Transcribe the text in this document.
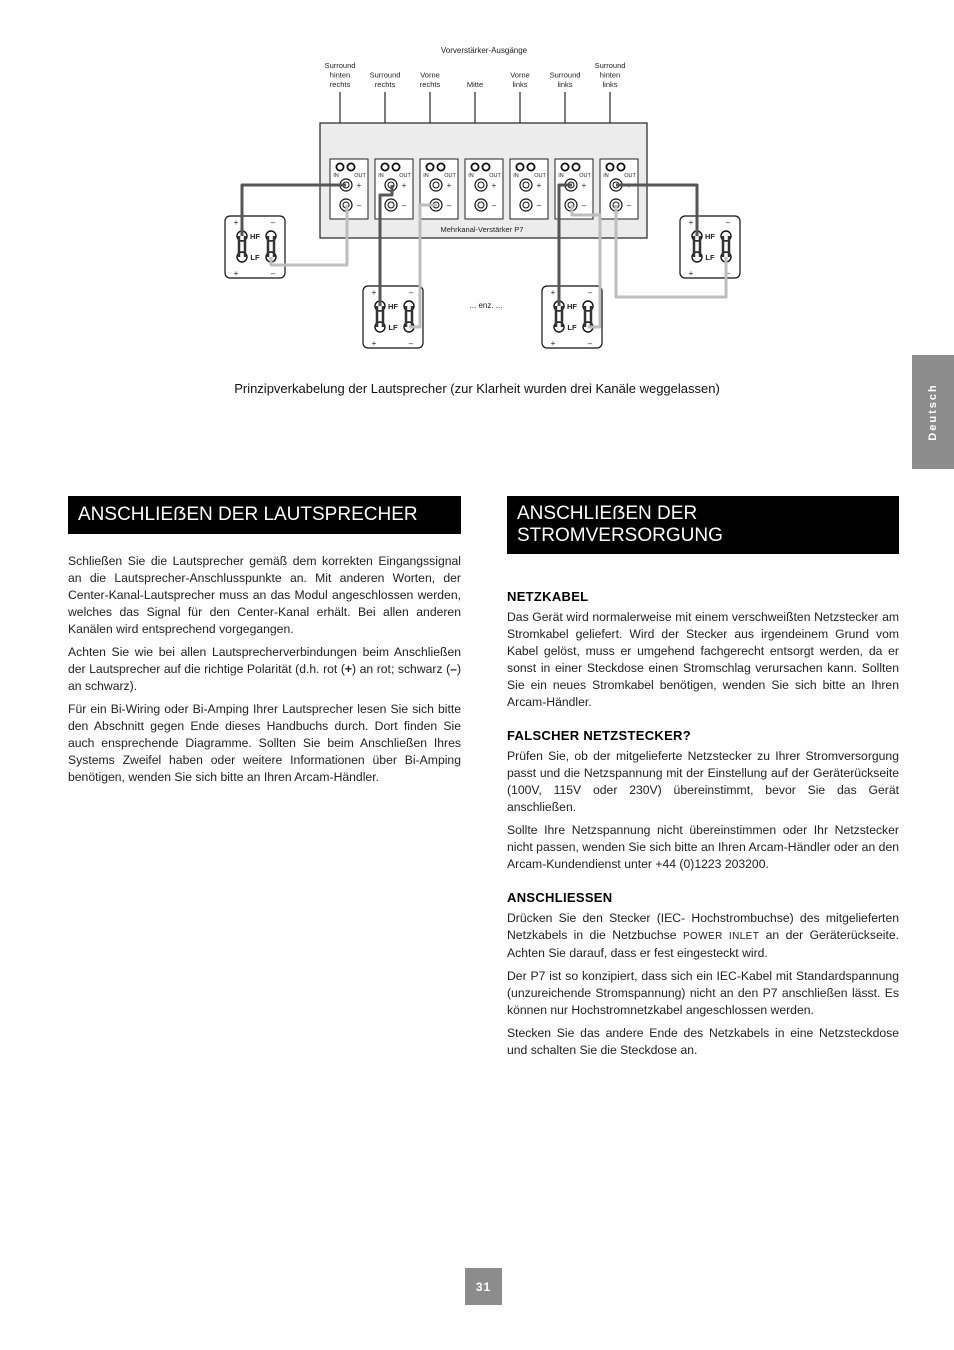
Vorverstärker-Ausgänge
Surround
hinten
rechts
Surround
rechts
Vorne
rechts	Mitte
Vorne
links
Surround
links
Surround
hinten
links
IN	OUT
+
–
IN	OUT
+
–
IN	OUT
+
–
IN	OUT
+
–
IN	OUT
+
–
IN	OUT
+
–
IN	OUT
+
–
Mehrkanal-Verstärker P7
+	–
+	–
HF
LF
+	–
+	–
HF
LF
+	–
+	–
HF
LF
+	–
+	–
HF
LF
... enz. ...
Prinzipverkabelung der Lautsprecher (zur Klarheit wurden drei Kanäle weggelassen)	Deutsch
ANSCHLIEẞEN DER LAUTSPRECHER

Schließen Sie die Lautsprecher gemäß dem korrekten Eingangssignal an die Lautsprecher-Anschlusspunkte an. Mit anderen Worten, der Center-Kanal-Lautsprecher muss an das Modul angeschlossen werden, welches das Signal für den Center-Kanal erhält. Bei allen anderen Kanälen wird entsprechend vorgegangen.

Achten Sie wie bei allen Lautsprecherverbindungen beim Anschließen der Lautsprecher auf die richtige Polarität (d.h. rot (+) an rot; schwarz (–) an schwarz).

Für ein Bi-Wiring oder Bi-Amping Ihrer Lautsprecher lesen Sie sich bitte den Abschnitt gegen Ende dieses Handbuchs durch. Dort finden Sie auch ensprechende Diagramme. Sollten Sie beim Anschließen Ihres Systems Zweifel haben oder weitere Informationen über Bi-Amping benötigen, wenden Sie sich bitte an Ihren Arcam-Händler.

ANSCHLIEẞEN DER STROMVERSORGUNG
NETZKABEL

Das Gerät wird normalerweise mit einem verschweißten Netzstecker am Stromkabel geliefert. Wird der Stecker aus irgendeinem Grund vom Kabel gelöst, muss er umgehend fachgerecht entsorgt werden, da er sonst in einer Steckdose einen Stromschlag verursachen kann. Sollten Sie ein neues Stromkabel benötigen, wenden Sie sich bitte an Ihren Arcam-Händler.

FALSCHER NETZSTECKER?

Prüfen Sie, ob der mitgelieferte Netzstecker zu Ihrer Stromversorgung passt und die Netzspannung mit der Einstellung auf der Geräterückseite (100V, 115V oder 230V) übereinstimmt, bevor Sie das Gerät anschließen.

Sollte Ihre Netzspannung nicht übereinstimmen oder Ihr Netzstecker nicht passen, wenden Sie sich bitte an Ihren Arcam-Händler oder an den Arcam-Kundendienst unter +44 (0)1223 203200.

ANSCHLIESSEN

Drücken Sie den Stecker (IEC- Hochstrombuchse) des mitgelieferten Netzkabels in die Netzbuchse POWER INLET an der Geräterückseite. Achten Sie darauf, dass er fest eingesteckt wird.

Der P7 ist so konzipiert, dass sich ein IEC-Kabel mit Standardspannung (unzureichende Stromspannung) nicht an den P7 anschließen lässt. Es können nur Hochstromnetzkabel angeschlossen werden.

Stecken Sie das andere Ende des Netzkabels in eine Netzsteckdose und schalten Sie die Steckdose an.

31
